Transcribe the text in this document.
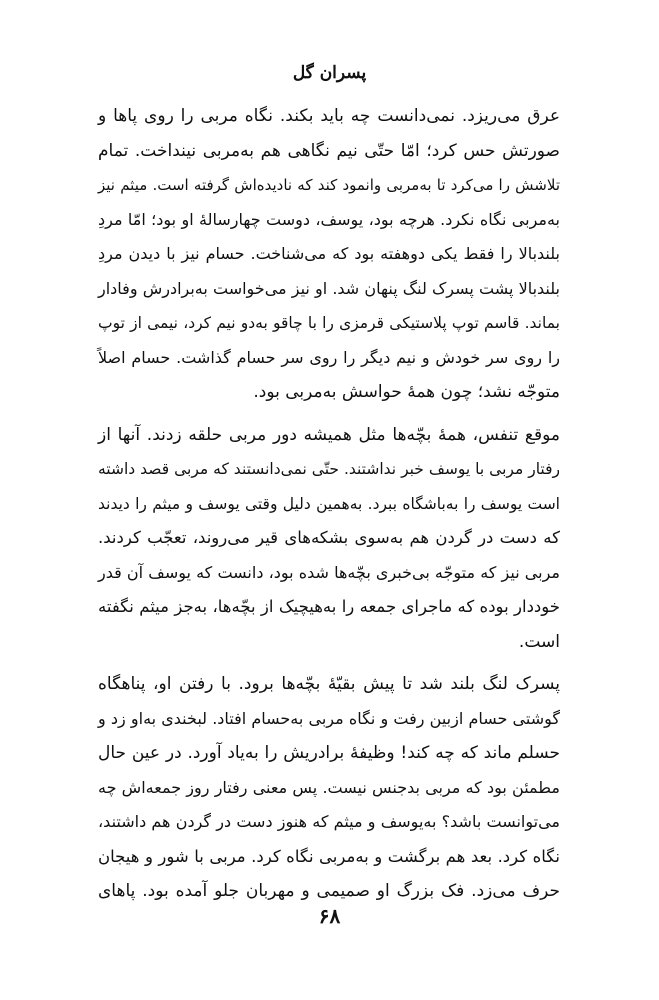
پسران گل

عرق می‌ریزد. نمی‌دانست چه باید بکند. نگاه مربی را روی پاها و
صورتش حس کرد؛ امّا حتّی نیم نگاهی هم به‌مربی نینداخت. تمام
تلاشش را می‌کرد تا به‌مربی وانمود کند که نادیده‌اش گرفته است. میثم نیز
به‌مربی نگاه نکرد. هرچه بود، یوسف، دوست چهارسالهٔ او بود؛ امّا مردِ
بلندبالا را فقط یکی دوهفته بود که می‌شناخت. حسام نیز با دیدن مردِ
بلندبالا پشت پسرک لنگ پنهان شد. او نیز می‌خواست به‌برادرش وفادار
بماند. قاسم توپ پلاستیکی قرمزی را با چاقو به‌دو نیم کرد، نیمی از توپ
را روی سر خودش و نیم دیگر را روی سر حسام گذاشت. حسام اصلاً
متوجّه نشد؛ چون همهٔ حواسش به‌مربی بود.

موقع تنفس، همهٔ بچّه‌ها مثل همیشه دور مربی حلقه زدند. آنها از
رفتار مربی با یوسف خبر نداشتند. حتّی نمی‌دانستند که مربی قصد داشته
است یوسف را به‌باشگاه ببرد. به‌همین دلیل وقتی یوسف و میثم را دیدند
که دست در گردن هم به‌سوی بشکه‌های قیر می‌روند، تعجّب کردند.
مربی نیز که متوجّه بی‌خبری بچّه‌ها شده بود، دانست که یوسف آن قدر
خوددار بوده که ماجرای جمعه را به‌هیچیک از بچّه‌ها، به‌جز میثم نگفته
است.

پسرک لنگ بلند شد تا پیش بقیّهٔ بچّه‌ها برود. با رفتن او، پناهگاه
گوشتی حسام ازبین رفت و نگاه مربی به‌حسام افتاد. لبخندی به‌او زد و
حسلم ماند که چه کند! وظیفهٔ برادریش را به‌یاد آورد. در عین حال
مطمئن بود که مربی بدجنس نیست. پس معنی رفتار روز جمعه‌اش چه
می‌توانست باشد؟ به‌یوسف و میثم که هنوز دست در گردن هم داشتند،
نگاه کرد. بعد هم برگشت و به‌مربی نگاه کرد. مربی با شور و هیجان
حرف می‌زد. فک بزرگ او صمیمی و مهربان جلو آمده بود. پاهای

۶۸
